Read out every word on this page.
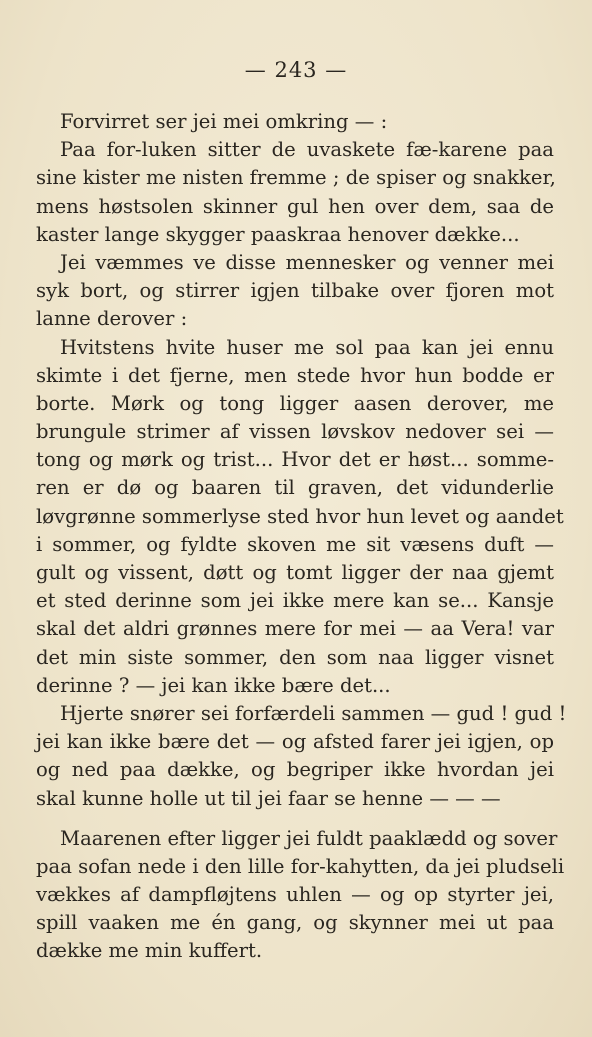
— 243 —
Forvirret ser jei mei omkring — :
Paa for-luken sitter de uvaskete fæ-karene paa
sine kister me nisten fremme ; de spiser og snakker,
mens høstsolen skinner gul hen over dem, saa de
kaster lange skygger paaskraa henover dække...
Jei væmmes ve disse mennesker og venner mei
syk bort, og stirrer igjen tilbake over fjoren mot
lanne derover :
Hvitstens hvite huser me sol paa kan jei ennu
skimte i det fjerne, men stede hvor hun bodde er
borte. Mørk og tong ligger aasen derover, me
brungule strimer af vissen løvskov nedover sei —
tong og mørk og trist... Hvor det er høst... somme-
ren er dø og baaren til graven, det vidunderlie
løvgrønne sommerlyse sted hvor hun levet og aandet
i sommer, og fyldte skoven me sit væsens duft —
gult og vissent, døtt og tomt ligger der naa gjemt
et sted derinne som jei ikke mere kan se... Kansje
skal det aldri grønnes mere for mei — aa Vera! var
det min siste sommer, den som naa ligger visnet
derinne ? — jei kan ikke bære det...
Hjerte snører sei forfærdeli sammen — gud ! gud !
jei kan ikke bære det — og afsted farer jei igjen, op
og ned paa dække, og begriper ikke hvordan jei
skal kunne holle ut til jei faar se henne — — —
Maarenen efter ligger jei fuldt paaklædd og sover
paa sofan nede i den lille for-kahytten, da jei pludseli
vækkes af dampfløjtens uhlen — og op styrter jei,
spill vaaken me én gang, og skynner mei ut paa
dække me min kuffert.
